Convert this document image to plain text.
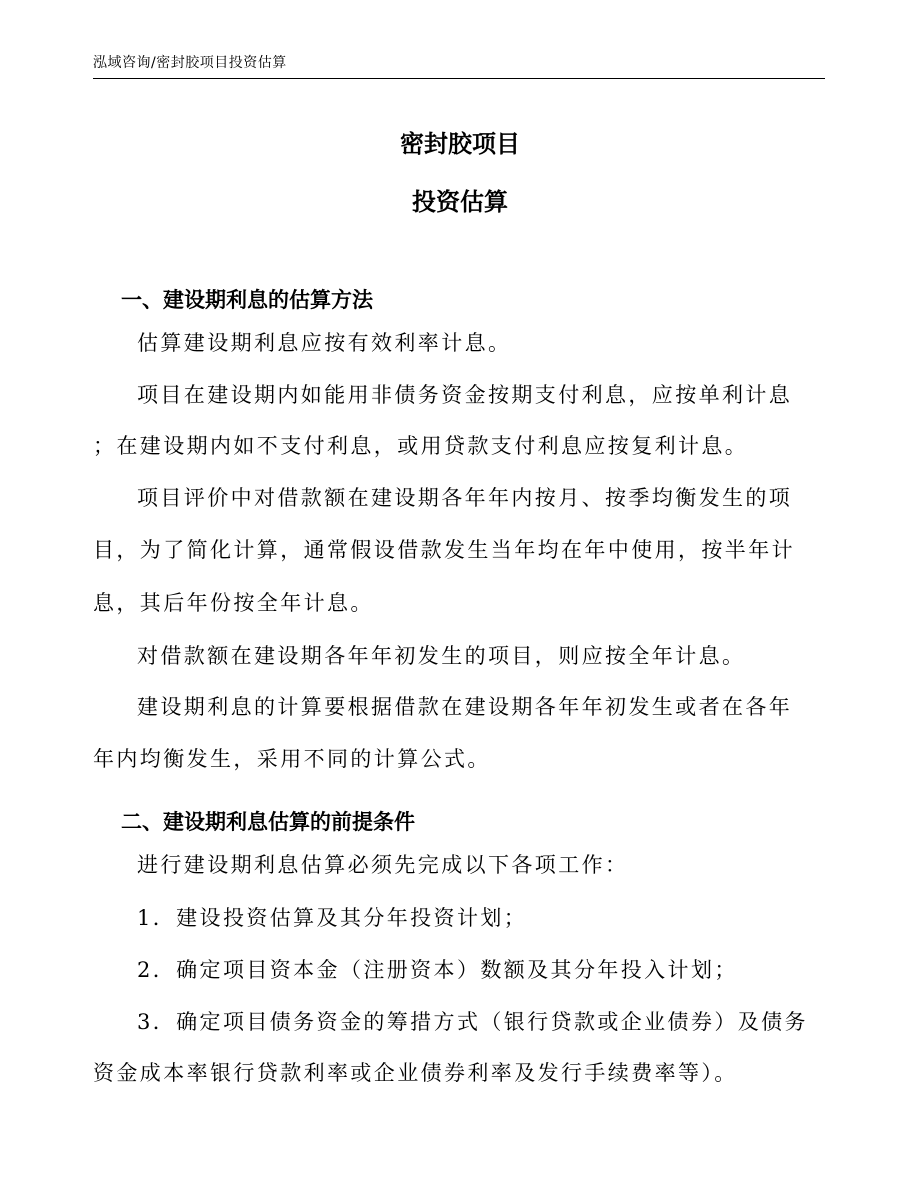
泓域咨询/密封胶项目投资估算
密封胶项目
投资估算
一、建设期利息的估算方法
估算建设期利息应按有效利率计息。
项目在建设期内如能用非债务资金按期支付利息，应按单利计息
；在建设期内如不支付利息，或用贷款支付利息应按复利计息。
项目评价中对借款额在建设期各年年内按月、按季均衡发生的项
目，为了简化计算，通常假设借款发生当年均在年中使用，按半年计
息，其后年份按全年计息。
对借款额在建设期各年年初发生的项目，则应按全年计息。
建设期利息的计算要根据借款在建设期各年年初发生或者在各年
年内均衡发生，采用不同的计算公式。
二、建设期利息估算的前提条件
进行建设期利息估算必须先完成以下各项工作：
1．建设投资估算及其分年投资计划；
2．确定项目资本金（注册资本）数额及其分年投入计划；
3．确定项目债务资金的筹措方式（银行贷款或企业债券）及债务
资金成本率银行贷款利率或企业债券利率及发行手续费率等）。
